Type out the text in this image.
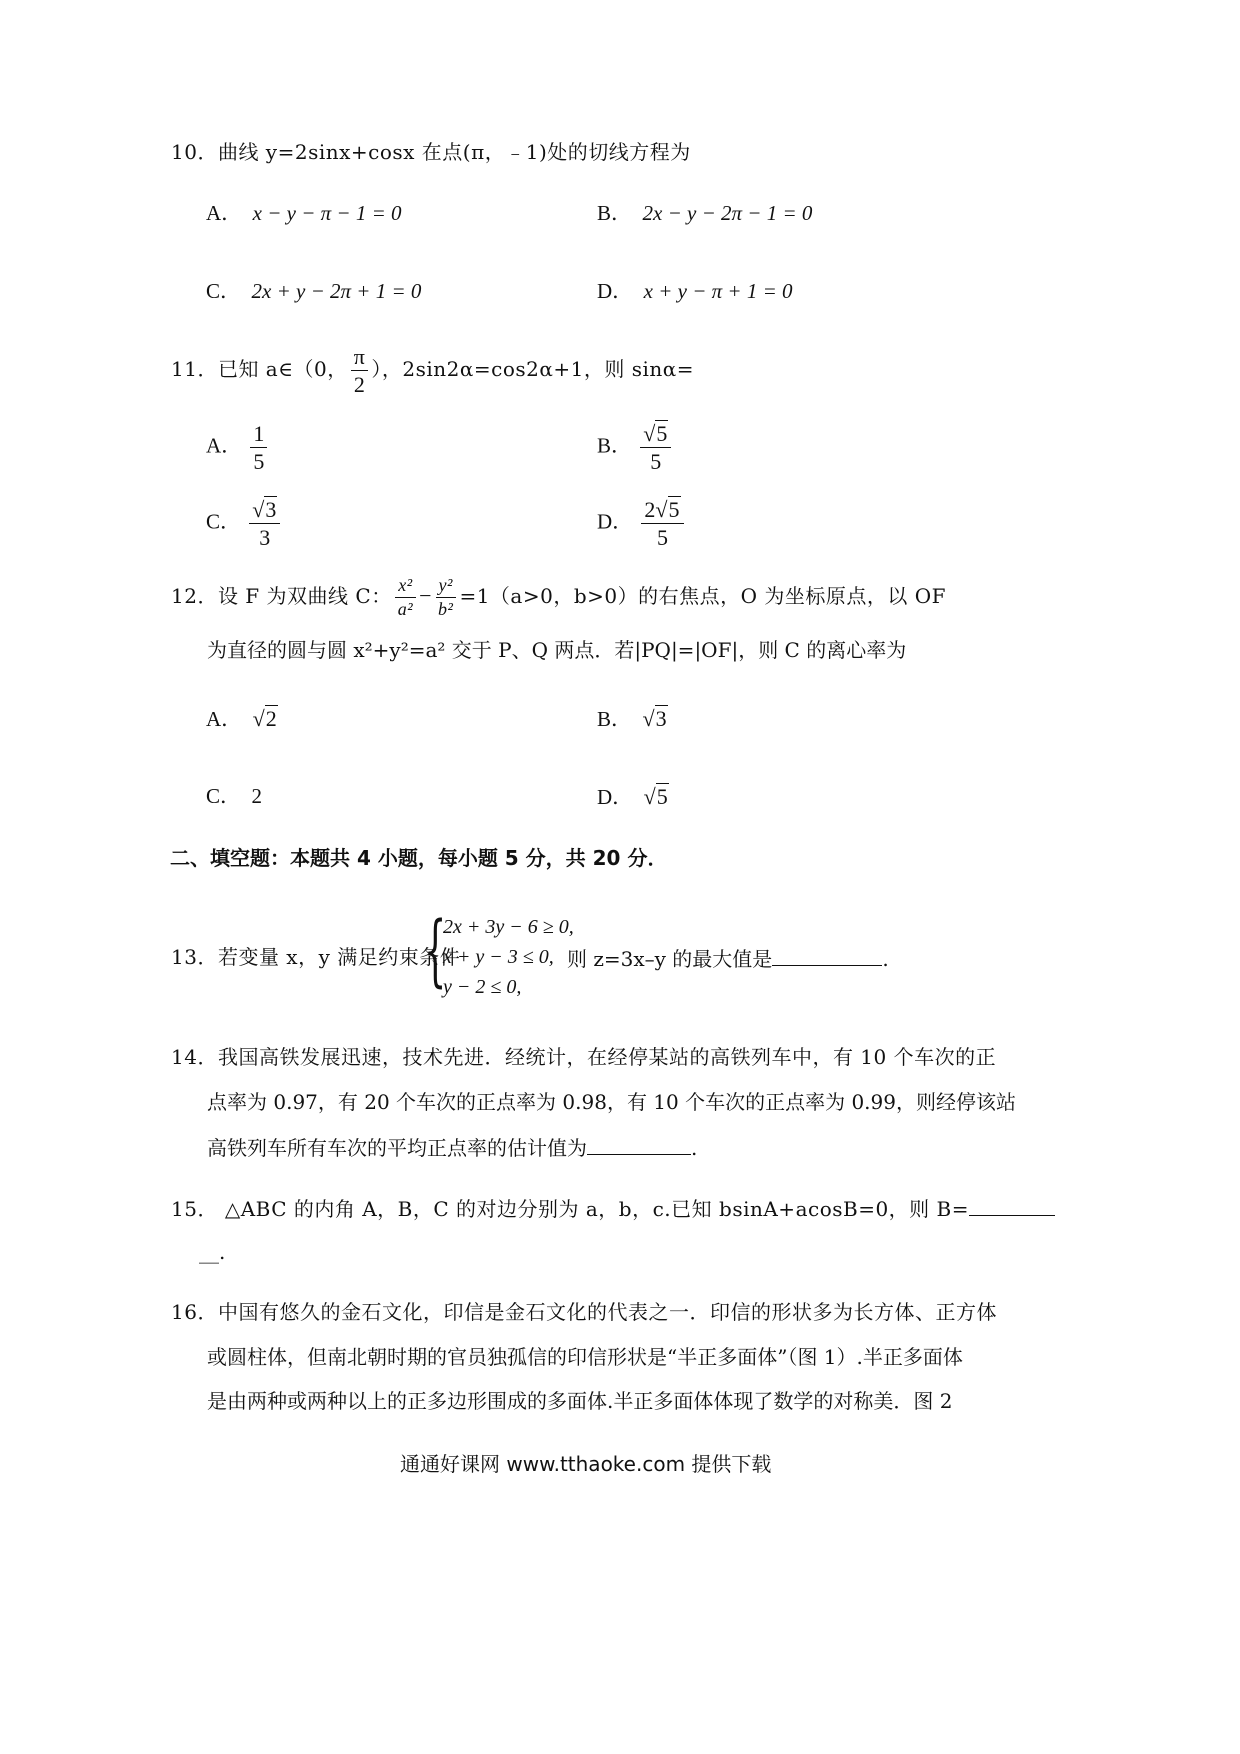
10．曲线 y=2sinx+cosx 在点(π，﹣1)处的切线方程为
A． x − y − π − 1 = 0	B． 2x − y − 2π − 1 = 0
C． 2x + y − 2π + 1 = 0	D． x + y − π + 1 = 0
11．已知 a∈（0， $\frac{\pi}{2}$ ），2sin2α=cos2α+1，则 sinα=
A． $\frac{1}{5}$	B． $\frac{√5}{5}$
C． $\frac{√3}{3}$	D． $\frac{2√5}{5}$
12．设 F 为双曲线 C： $\frac{\text{x²}}{\text{a²}} - \frac{\text{y²}}{\text{b²}} =1(a>0$，b>0）的右焦点，O 为坐标原点，以 OF
为直径的圆与圆 x²+y²=a² 交于 P、Q 两点．若|PQ|=|OF|，则 C 的离心率为
A． √2	B． √3
C． 2	D． √5
二、填空题：本题共 4 小题，每小题 5 分，共 20 分．
13．若变量 x，y 满足约束条件
{
2x + 3y − 6 ≥ 0,
x + y − 3 ≤ 0,
y − 2 ≤ 0,
则 z=3x–y 的最大值是	.
14．我国高铁发展迅速，技术先进．经统计，在经停某站的高铁列车中，有 10 个车次的正
点率为 0.97，有 20 个车次的正点率为 0.98，有 10 个车次的正点率为 0.99，则经停该站
高铁列车所有车次的平均正点率的估计值为	.
15． △ABC 的内角 A，B，C 的对边分别为 a，b，c.已知 bsinA+acosB=0，则 B=
__.
16．中国有悠久的金石文化，印信是金石文化的代表之一．印信的形状多为长方体、正方体
或圆柱体，但南北朝时期的官员独孤信的印信形状是“半正多面体”（图 1）.半正多面体
是由两种或两种以上的正多边形围成的多面体.半正多面体体现了数学的对称美．图 2
通通好课网 www.tthaoke.com 提供下载
